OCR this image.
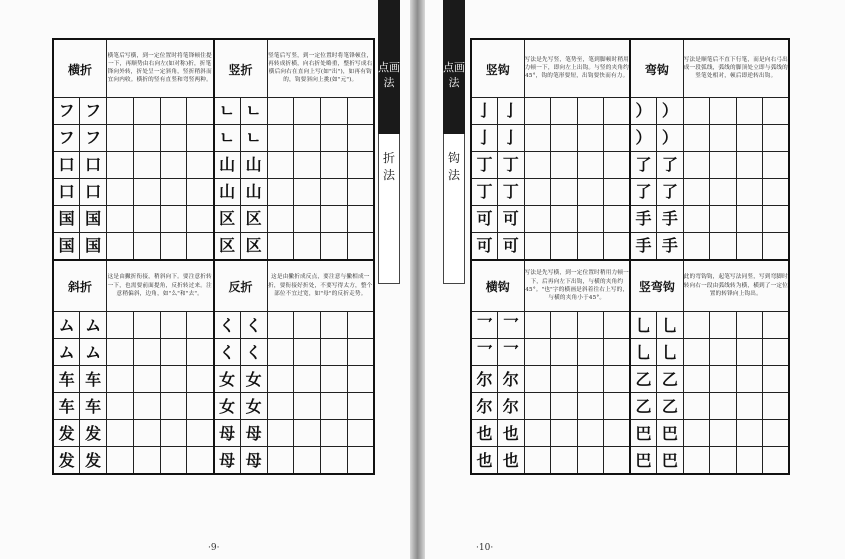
横折		横笔后写横，到一定位置时将笔锋顿住提一下，再顺势由右向左(如对称)折，折笔锋向外转，折处呈一定斜角，竖折稍斜而宜向内收。横折的竖有直竖和弯竖两种。				竖折		竖笔后写竖，到一定位置时将笔锋顿住，再转成折横，向右折处略重，整折写成右横后向右在直向上写(如"出")，如再有钩的，钩要斜向上挑(如"元")。			
フ	フ					ㄴ	ㄴ				
フ	フ					ㄴ	ㄴ				
口	口					山	山				
口	口					山	山				
国	国					区	区				
国	国					区	区				
斜折		这是由撇折衔接，稍斜向下。要注意折转一下，也需要前面提角，反折转过来。注意稍偏斜，边角，如"么"和"去"。				反折		这是由撇折成反点，要注意与撇相成一折，要衔接好折处，不要写得太方，整个部位不宜过宽，如"母"的反折走势。			
ム	ム					く	く				
ム	ム					く	く				
车	车					女	女				
车	车					女	女				
发	发					母	母				
发	发					母	母				
点画法
折法
·9·
竖钩		写法是先写竖，笔势至，笔到脚顿时稍用力顿一下，即向左上出钩。与竖的夹角约45°，钩的笔形要短，出钩要快而有力。				弯钩		写法是顺笔后不直下行笔，而是向右弓出成一段弧线，弧线的脚顶处立即与弧线的竖笔处相对，顿后即逆转出钩。			
亅	亅					）	）				
亅	亅					）	）				
丁	丁					了	了				
丁	丁					了	了				
可	可					手	手				
可	可					手	手				
横钩		写法是先写横，到一定位置时稍用力顿一下，后再向左下出钩，与横的夹角约45°。"也"字的横画是斜着往右上写的，与横的夹角小于45°。				竖弯钩		此的弯钩钩，起笔写法同竖，写到弯脚时转向右一段由弧线转为横，横到了一定位置的转锋向上钩出。			
乛	乛					乚	乚				
乛	乛					乚	乚				
尔	尔					乙	乙				
尔	尔					乙	乙				
也	也					巴	巴				
也	也					巴	巴				
点画法
钩法
·10·
